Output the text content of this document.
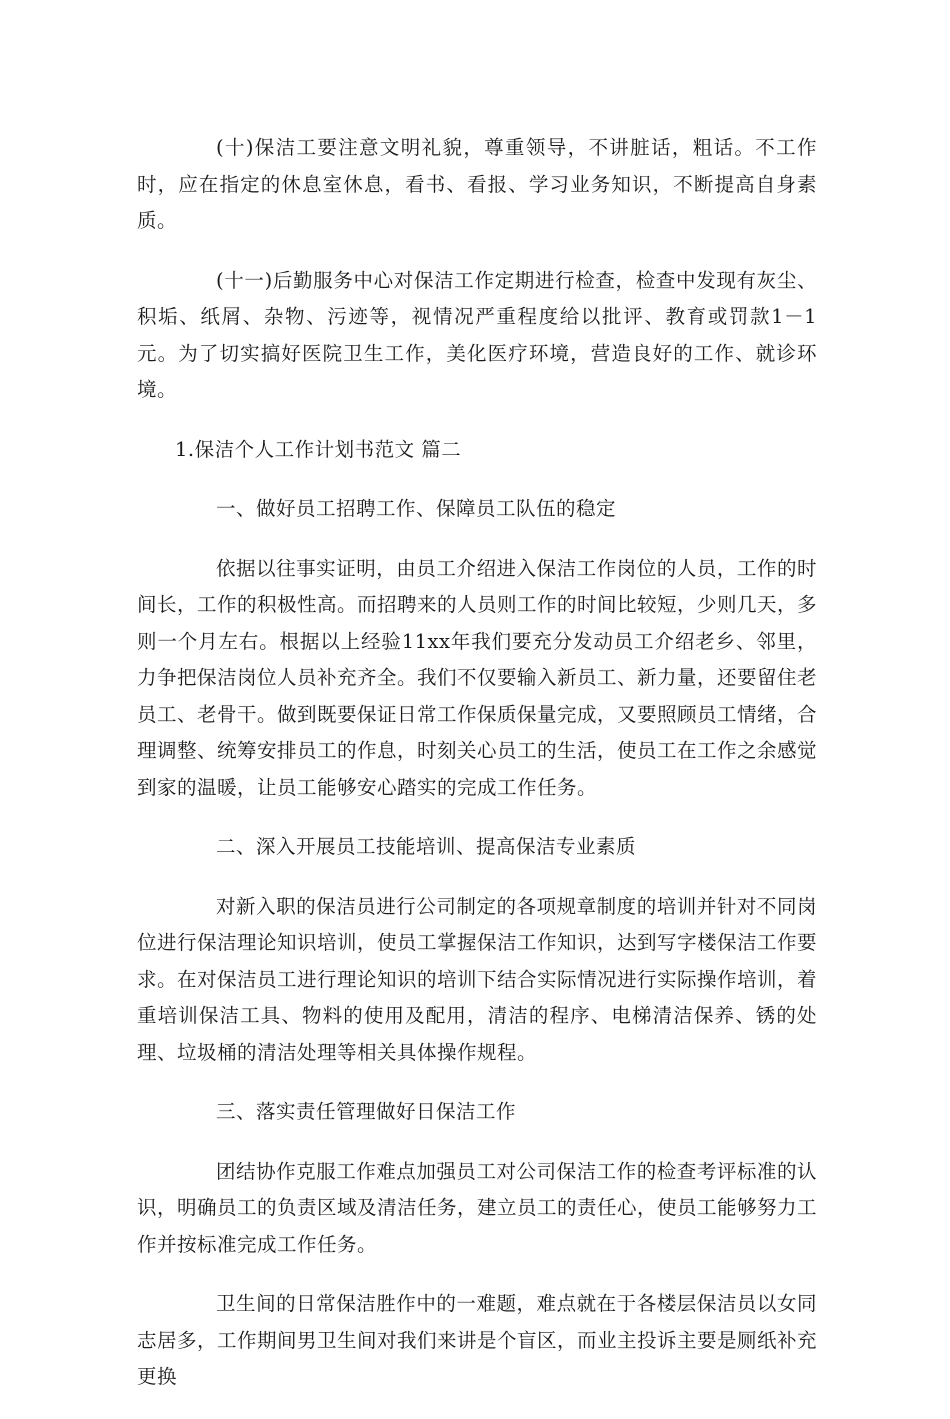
(十)保洁工要注意文明礼貌，尊重领导，不讲脏话，粗话。不工作时，应在指定的休息室休息，看书、看报、学习业务知识，不断提高自身素质。

(十一)后勤服务中心对保洁工作定期进行检查，检查中发现有灰尘、积垢、纸屑、杂物、污迹等，视情况严重程度给以批评、教育或罚款1－1元。为了切实搞好医院卫生工作，美化医疗环境，营造良好的工作、就诊环境。

1.保洁个人工作计划书范文 篇二

一、做好员工招聘工作、保障员工队伍的稳定

依据以往事实证明，由员工介绍进入保洁工作岗位的人员，工作的时间长，工作的积极性高。而招聘来的人员则工作的时间比较短，少则几天，多则一个月左右。根据以上经验11xx年我们要充分发动员工介绍老乡、邻里，力争把保洁岗位人员补充齐全。我们不仅要输入新员工、新力量，还要留住老员工、老骨干。做到既要保证日常工作保质保量完成，又要照顾员工情绪，合理调整、统筹安排员工的作息，时刻关心员工的生活，使员工在工作之余感觉到家的温暖，让员工能够安心踏实的完成工作任务。

二、深入开展员工技能培训、提高保洁专业素质

对新入职的保洁员进行公司制定的各项规章制度的培训并针对不同岗位进行保洁理论知识培训，使员工掌握保洁工作知识，达到写字楼保洁工作要求。在对保洁员工进行理论知识的培训下结合实际情况进行实际操作培训，着重培训保洁工具、物料的使用及配用，清洁的程序、电梯清洁保养、锈的处理、垃圾桶的清洁处理等相关具体操作规程。

三、落实责任管理做好日保洁工作

团结协作克服工作难点加强员工对公司保洁工作的检查考评标准的认识，明确员工的负责区域及清洁任务，建立员工的责任心，使员工能够努力工作并按标准完成工作任务。

卫生间的日常保洁胜作中的一难题，难点就在于各楼层保洁员以女同志居多，工作期间男卫生间对我们来讲是个盲区，而业主投诉主要是厕纸补充更换
